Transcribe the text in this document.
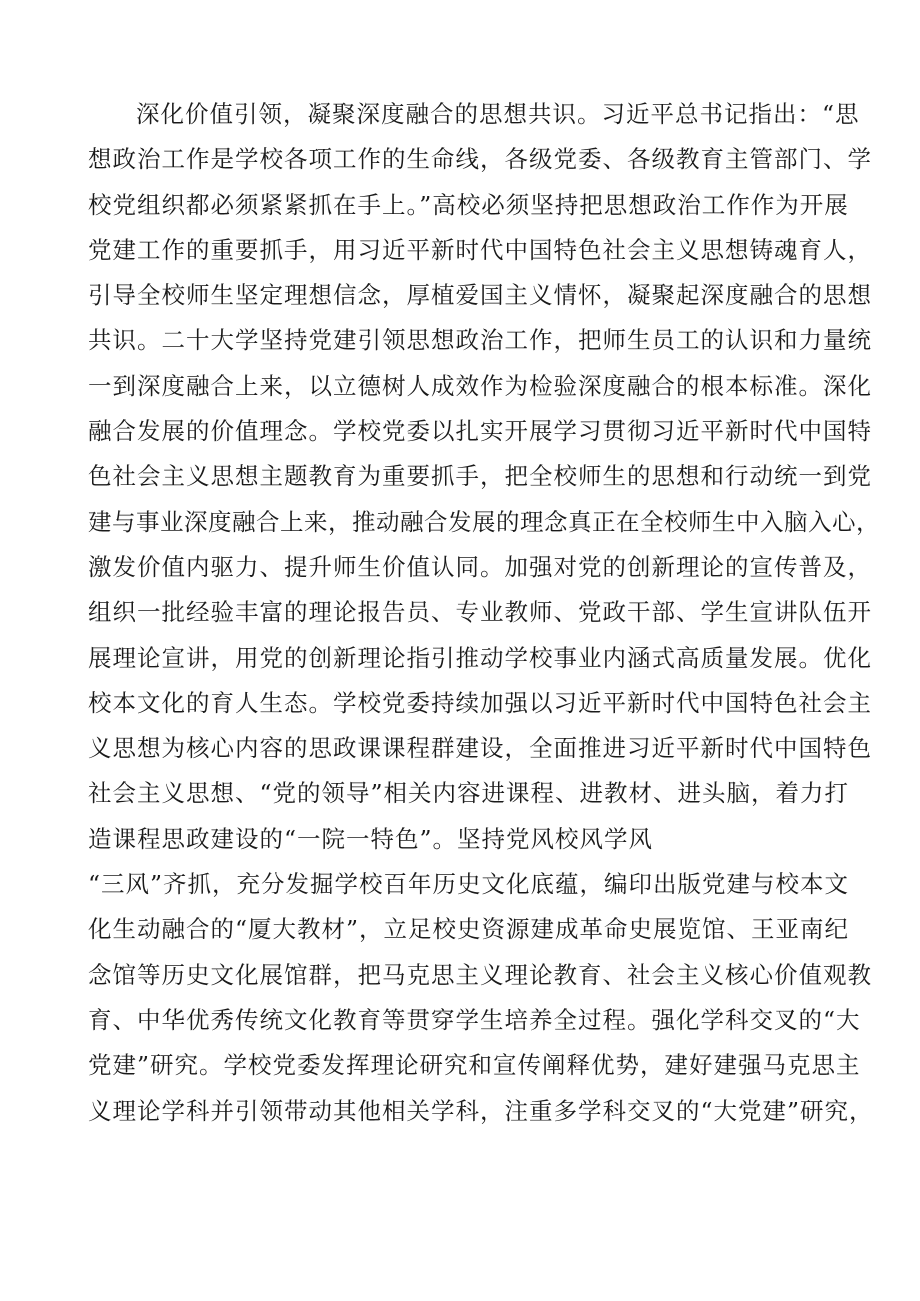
深化价值引领，凝聚深度融合的思想共识。习近平总书记指出：“思
想政治工作是学校各项工作的生命线，各级党委、各级教育主管部门、学
校党组织都必须紧紧抓在手上。”高校必须坚持把思想政治工作作为开展
党建工作的重要抓手，用习近平新时代中国特色社会主义思想铸魂育人，
引导全校师生坚定理想信念，厚植爱国主义情怀，凝聚起深度融合的思想
共识。二十大学坚持党建引领思想政治工作，把师生员工的认识和力量统
一到深度融合上来，以立德树人成效作为检验深度融合的根本标准。深化
融合发展的价值理念。学校党委以扎实开展学习贯彻习近平新时代中国特
色社会主义思想主题教育为重要抓手，把全校师生的思想和行动统一到党
建与事业深度融合上来，推动融合发展的理念真正在全校师生中入脑入心，
激发价值内驱力、提升师生价值认同。加强对党的创新理论的宣传普及，
组织一批经验丰富的理论报告员、专业教师、党政干部、学生宣讲队伍开
展理论宣讲，用党的创新理论指引推动学校事业内涵式高质量发展。优化
校本文化的育人生态。学校党委持续加强以习近平新时代中国特色社会主
义思想为核心内容的思政课课程群建设，全面推进习近平新时代中国特色
社会主义思想、“党的领导”相关内容进课程、进教材、进头脑，着力打
造课程思政建设的“一院一特色”。坚持党风校风学风
“三风”齐抓，充分发掘学校百年历史文化底蕴，编印出版党建与校本文
化生动融合的“厦大教材”，立足校史资源建成革命史展览馆、王亚南纪
念馆等历史文化展馆群，把马克思主义理论教育、社会主义核心价值观教
育、中华优秀传统文化教育等贯穿学生培养全过程。强化学科交叉的“大
党建”研究。学校党委发挥理论研究和宣传阐释优势，建好建强马克思主
义理论学科并引领带动其他相关学科，注重多学科交叉的“大党建”研究，
